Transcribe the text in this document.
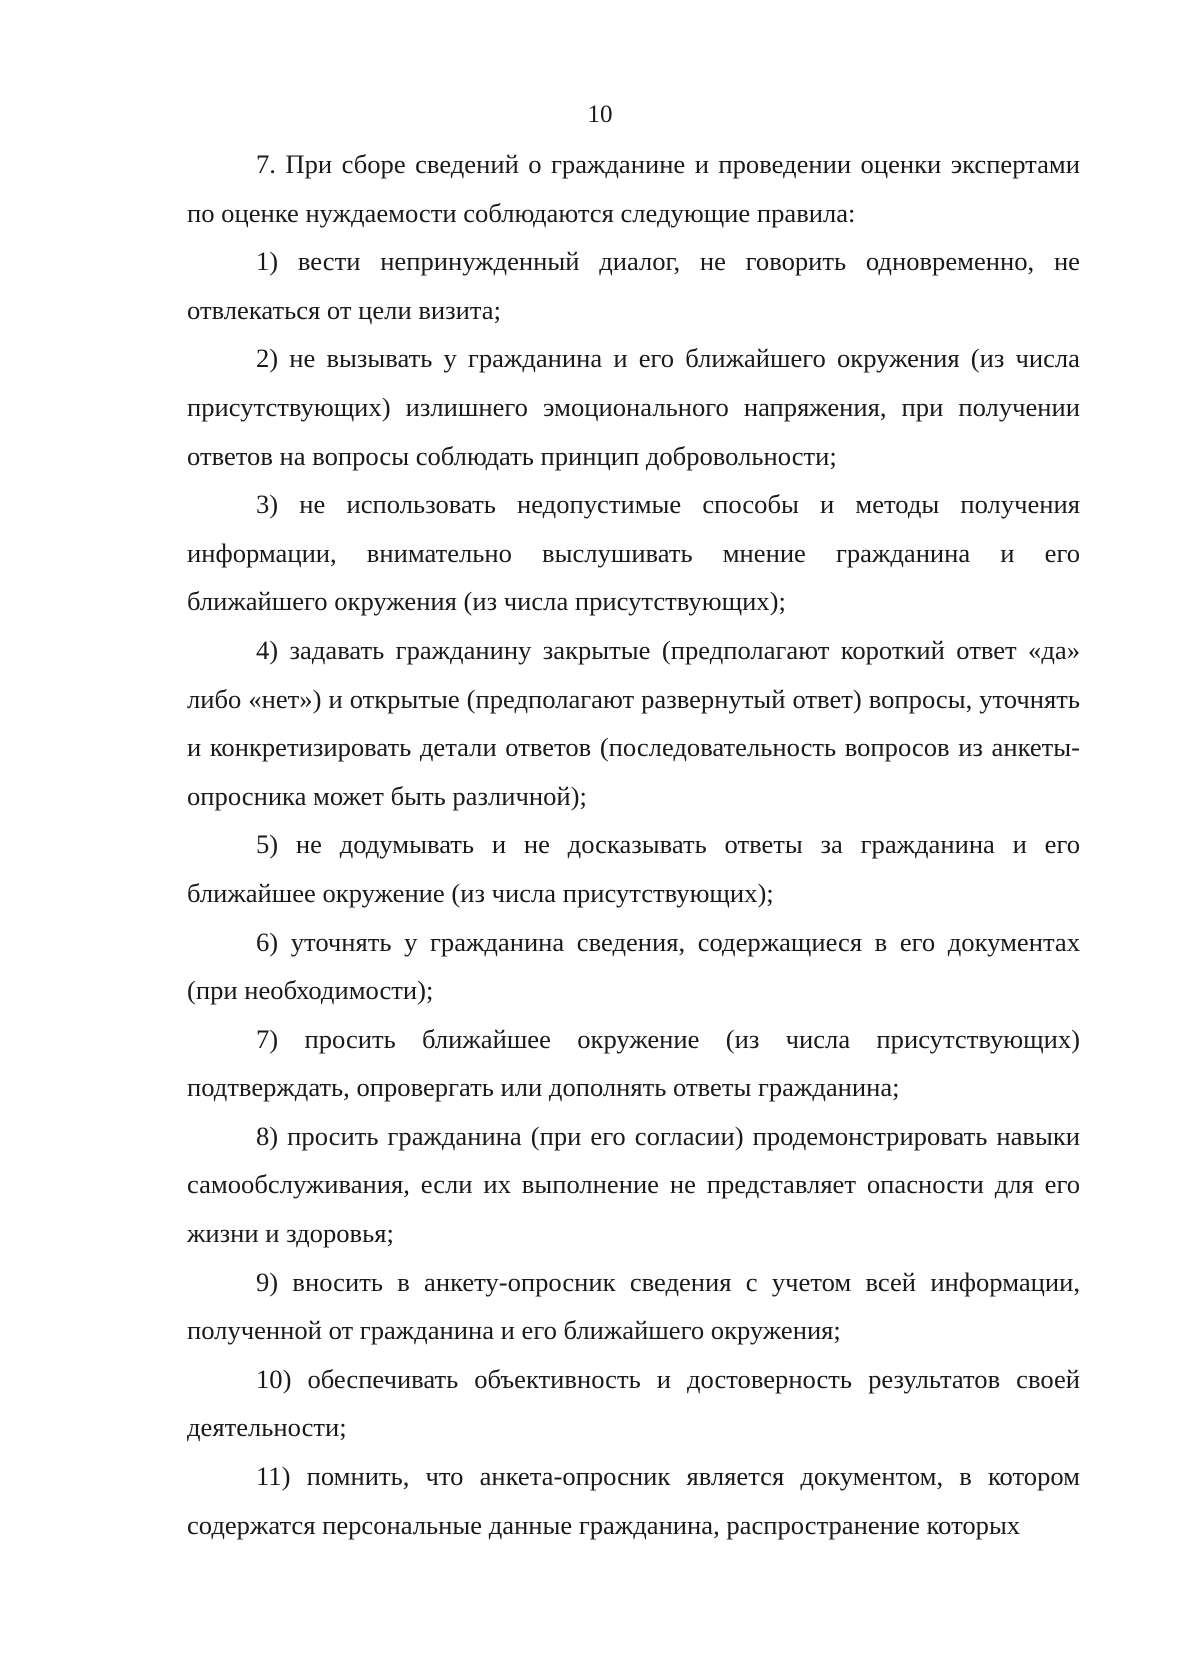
10

7. При сборе сведений о гражданине и проведении оценки экспертами по оценке нуждаемости соблюдаются следующие правила:

1) вести непринужденный диалог, не говорить одновременно, не отвлекаться от цели визита;

2) не вызывать у гражданина и его ближайшего окружения (из числа присутствующих) излишнего эмоционального напряжения, при получении ответов на вопросы соблюдать принцип добровольности;

3) не использовать недопустимые способы и методы получения информации, внимательно выслушивать мнение гражданина и его ближайшего окружения (из числа присутствующих);

4) задавать гражданину закрытые (предполагают короткий ответ «да» либо «нет») и открытые (предполагают развернутый ответ) вопросы, уточнять и конкретизировать детали ответов (последовательность вопросов из анкеты-опросника может быть различной);

5) не додумывать и не досказывать ответы за гражданина и его ближайшее окружение (из числа присутствующих);

6) уточнять у гражданина сведения, содержащиеся в его документах (при необходимости);

7) просить ближайшее окружение (из числа присутствующих) подтверждать, опровергать или дополнять ответы гражданина;

8) просить гражданина (при его согласии) продемонстрировать навыки самообслуживания, если их выполнение не представляет опасности для его жизни и здоровья;

9) вносить в анкету-опросник сведения с учетом всей информации, полученной от гражданина и его ближайшего окружения;

10) обеспечивать объективность и достоверность результатов своей деятельности;

11) помнить, что анкета-опросник является документом, в котором содержатся персональные данные гражданина, распространение которых
